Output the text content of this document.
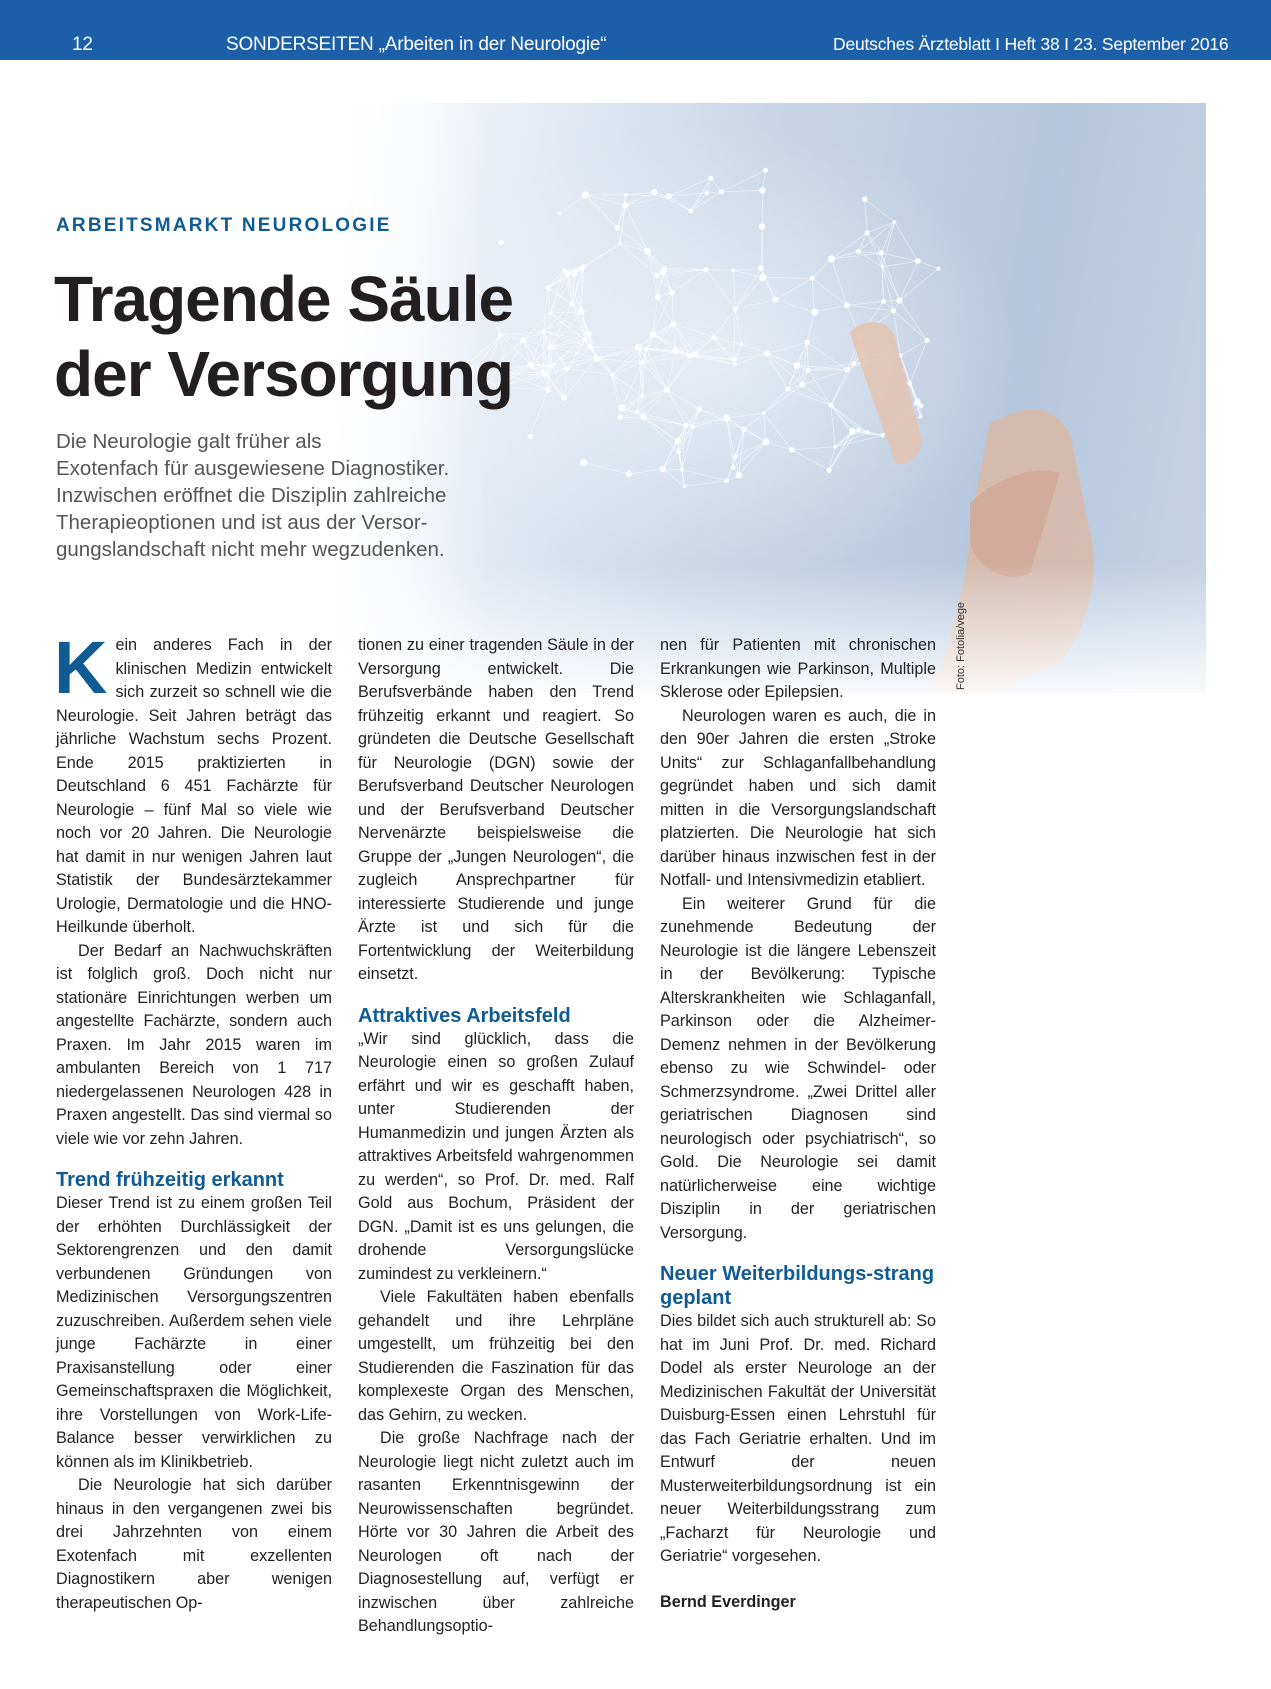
12	SONDERSEITEN „Arbeiten in der Neurologie“	Deutsches Ärzteblatt I Heft 38 I 23. September 2016
ARBEITSMARKT NEUROLOGIE
Tragende Säule
der Versorgung
Die Neurologie galt früher als
Exotenfach für ausgewiesene Diagnostiker.
Inzwischen eröffnet die Disziplin zahlreiche
Therapieoptionen und ist aus der Versor-
gungslandschaft nicht mehr wegzudenken.
Foto: Fotolia/vege

Kein anderes Fach in der klinischen Medizin entwickelt sich zurzeit so schnell wie die Neurologie. Seit Jahren beträgt das jährliche Wachstum sechs Prozent. Ende 2015 praktizierten in Deutschland 6 451 Fachärzte für Neurologie – fünf Mal so viele wie noch vor 20 Jahren. Die Neurologie hat damit in nur wenigen Jahren laut Statistik der Bundesärztekammer Urologie, Dermatologie und die HNO-Heilkunde überholt.

Der Bedarf an Nachwuchskräften ist folglich groß. Doch nicht nur stationäre Einrichtungen werben um angestellte Fachärzte, sondern auch Praxen. Im Jahr 2015 waren im ambulanten Bereich von 1 717 niedergelassenen Neurologen 428 in Praxen angestellt. Das sind viermal so viele wie vor zehn Jahren.

Trend frühzeitig erkannt

Dieser Trend ist zu einem großen Teil der erhöhten Durchlässigkeit der Sektorengrenzen und den damit verbundenen Gründungen von Medizinischen Versorgungszentren zuzuschreiben. Außerdem sehen viele junge Fachärzte in einer Praxisanstellung oder einer Gemeinschaftspraxen die Möglichkeit, ihre Vorstellungen von Work-Life-Balance besser verwirklichen zu können als im Klinikbetrieb.

Die Neurologie hat sich darüber hinaus in den vergangenen zwei bis drei Jahrzehnten von einem Exotenfach mit exzellenten Diagnostikern aber wenigen therapeutischen Op-

tionen zu einer tragenden Säule in der Versorgung entwickelt. Die Berufsverbände haben den Trend frühzeitig erkannt und reagiert. So gründeten die Deutsche Gesellschaft für Neurologie (DGN) sowie der Berufsverband Deutscher Neurologen und der Berufsverband Deutscher Nervenärzte beispielsweise die Gruppe der „Jungen Neurologen“, die zugleich Ansprechpartner für interessierte Studierende und junge Ärzte ist und sich für die Fortentwicklung der Weiterbildung einsetzt.

Attraktives Arbeitsfeld

„Wir sind glücklich, dass die Neurologie einen so großen Zulauf erfährt und wir es geschafft haben, unter Studierenden der Humanmedizin und jungen Ärzten als attraktives Arbeitsfeld wahrgenommen zu werden“, so Prof. Dr. med. Ralf Gold aus Bochum, Präsident der DGN. „Damit ist es uns gelungen, die drohende Versorgungslücke zumindest zu verkleinern.“

Viele Fakultäten haben ebenfalls gehandelt und ihre Lehrpläne umgestellt, um frühzeitig bei den Studierenden die Faszination für das komplexeste Organ des Menschen, das Gehirn, zu wecken.

Die große Nachfrage nach der Neurologie liegt nicht zuletzt auch im rasanten Erkenntnisgewinn der Neurowissenschaften begründet. Hörte vor 30 Jahren die Arbeit des Neurologen oft nach der Diagnosestellung auf, verfügt er inzwischen über zahlreiche Behandlungsoptio-

nen für Patienten mit chronischen Erkrankungen wie Parkinson, Multiple Sklerose oder Epilepsien.

Neurologen waren es auch, die in den 90er Jahren die ersten „Stroke Units“ zur Schlaganfallbehandlung gegründet haben und sich damit mitten in die Versorgungslandschaft platzierten. Die Neurologie hat sich darüber hinaus inzwischen fest in der Notfall- und Intensivmedizin etabliert.

Ein weiterer Grund für die zunehmende Bedeutung der Neurologie ist die längere Lebenszeit in der Bevölkerung: Typische Alterskrankheiten wie Schlaganfall, Parkinson oder die Alzheimer-Demenz nehmen in der Bevölkerung ebenso zu wie Schwindel- oder Schmerzsyndrome. „Zwei Drittel aller geriatrischen Diagnosen sind neurologisch oder psychiatrisch“, so Gold. Die Neurologie sei damit natürlicherweise eine wichtige Disziplin in der geriatrischen Versorgung.

Neuer Weiterbildungs-strang geplant

Dies bildet sich auch strukturell ab: So hat im Juni Prof. Dr. med. Richard Dodel als erster Neurologe an der Medizinischen Fakultät der Universität Duisburg-Essen einen Lehrstuhl für das Fach Geriatrie erhalten. Und im Entwurf der neuen Musterweiterbildungsordnung ist ein neuer Weiterbildungsstrang zum „Facharzt für Neurologie und Geriatrie“ vorgesehen.

Bernd Everdinger
